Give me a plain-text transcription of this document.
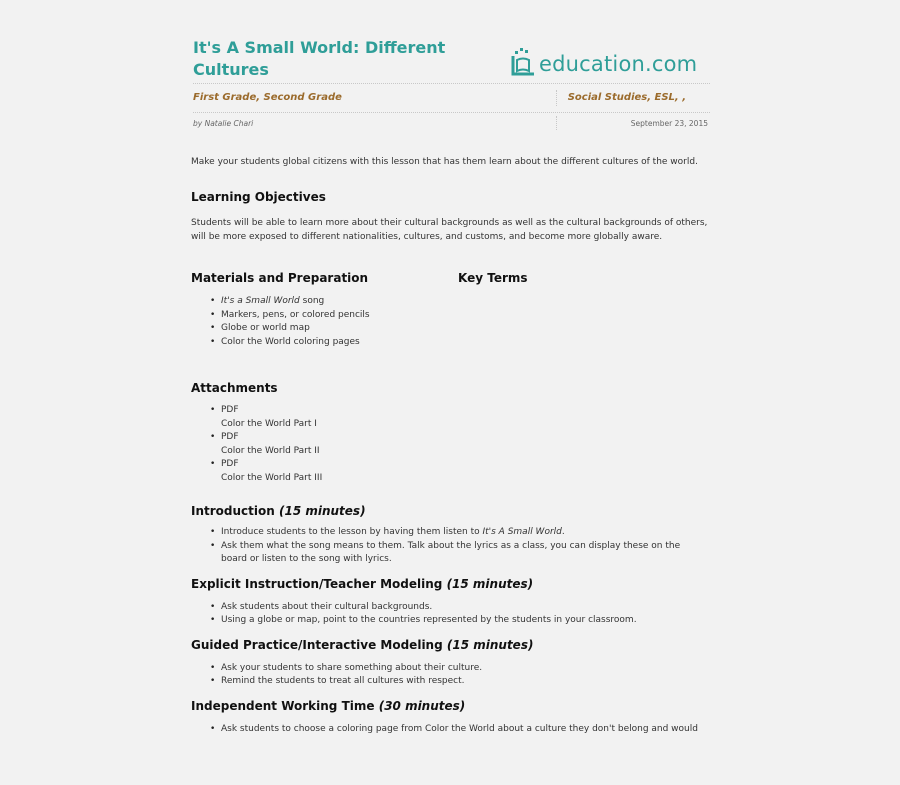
It's A Small World: Different
Cultures	education.com
First Grade, Second Grade	Social Studies, ESL, ,
by Natalie Chari	September 23, 2015

Make your students global citizens with this lesson that has them learn about the different cultures of the world.

Learning Objectives

Students will be able to learn more about their cultural backgrounds as well as the cultural backgrounds of others, will be more exposed to different nationalities, cultures, and customs, and become more globally aware.

Materials and Preparation
• It's a Small World song
• Markers, pens, or colored pencils
• Globe or world map
• Color the World coloring pages
Key Terms
Attachments
• PDF
Color the World Part I
• PDF
Color the World Part II
• PDF
Color the World Part III
Introduction (15 minutes)
• Introduce students to the lesson by having them listen to It's A Small World.
• Ask them what the song means to them. Talk about the lyrics as a class, you can display these on the board or listen to the song with lyrics.
Explicit Instruction/Teacher Modeling (15 minutes)
• Ask students about their cultural backgrounds.
• Using a globe or map, point to the countries represented by the students in your classroom.
Guided Practice/Interactive Modeling (15 minutes)
• Ask your students to share something about their culture.
• Remind the students to treat all cultures with respect.
Independent Working Time (30 minutes)
• Ask students to choose a coloring page from Color the World about a culture they don't belong and would
